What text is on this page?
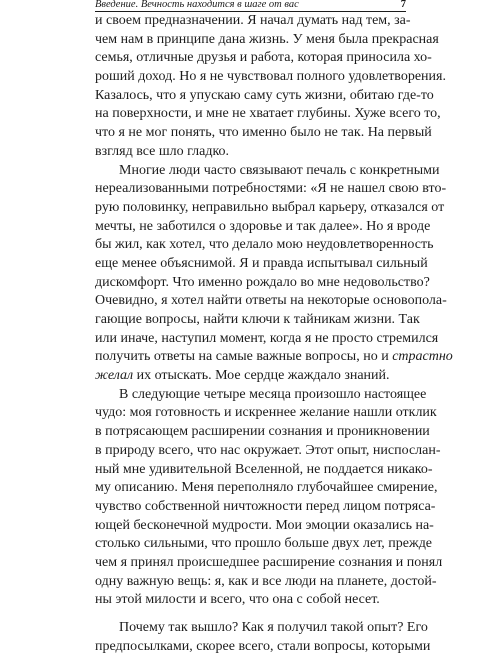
Введение. Вечность находится в шаге от вас	7
и своем предназначении. Я начал думать над тем, за-
чем нам в принципе дана жизнь. У меня была прекрасная
семья, отличные друзья и работа, которая приносила хо-
роший доход. Но я не чувствовал полного удовлетворения.
Казалось, что я упускаю саму суть жизни, обитаю где-то
на поверхности, и мне не хватает глубины. Хуже всего то,
что я не мог понять, что именно было не так. На первый
взгляд все шло гладко.
Многие люди часто связывают печаль с конкретными
нереализованными потребностями: «Я не нашел свою вто-
рую половинку, неправильно выбрал карьеру, отказался от
мечты, не заботился о здоровье и так далее». Но я вроде
бы жил, как хотел, что делало мою неудовлетворенность
еще менее объяснимой. Я и правда испытывал сильный
дискомфорт. Что именно рождало во мне недовольство?
Очевидно, я хотел найти ответы на некоторые основопола-
гающие вопросы, найти ключи к тайникам жизни. Так
или иначе, наступил момент, когда я не просто стремился
получить ответы на самые важные вопросы, но и страстно
желал их отыскать. Мое сердце жаждало знаний.
В следующие четыре месяца произошло настоящее
чудо: моя готовность и искреннее желание нашли отклик
в потрясающем расширении сознания и проникновении
в природу всего, что нас окружает. Этот опыт, ниспослан-
ный мне удивительной Вселенной, не поддается никако-
му описанию. Меня переполняло глубочайшее смирение,
чувство собственной ничтожности перед лицом потряса-
ющей бесконечной мудрости. Мои эмоции оказались на-
столько сильными, что прошло больше двух лет, прежде
чем я принял происшедшее расширение сознания и понял
одну важную вещь: я, как и все люди на планете, достой-
ны этой милости и всего, что она с собой несет.
Почему так вышло? Как я получил такой опыт? Его
предпосылками, скорее всего, стали вопросы, которыми
